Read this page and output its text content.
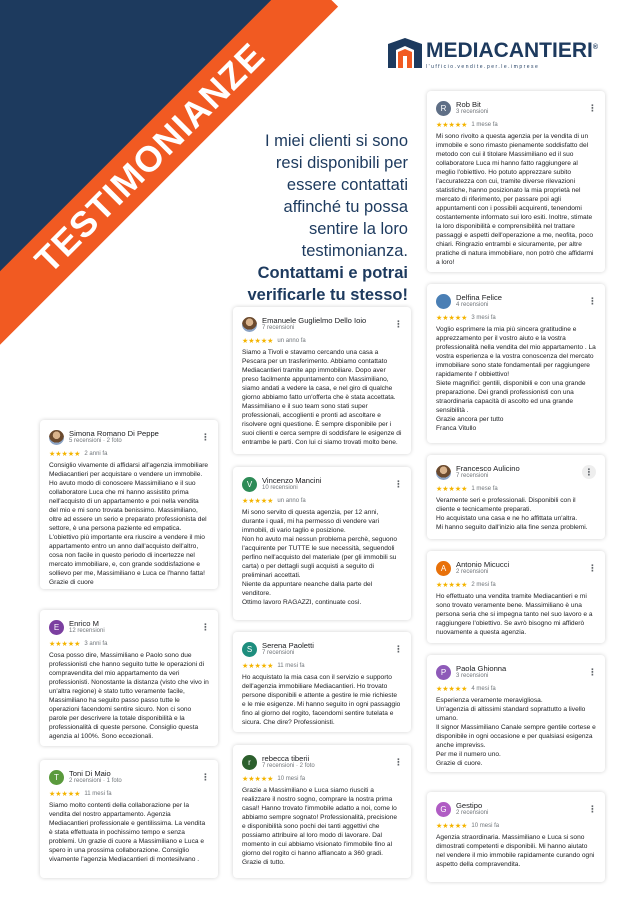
TESTIMONIANZE	MEDIACANTIERI®
l'ufficio.vendite.per.le.imprese
I miei clienti si sono resi disponibili per essere contattati affinché tu possa sentire la loro testimonianza. Contattami e potrai verificarle tu stesso!
R	Rob Bit
3 recensioni	⋮
★★★★★ 1 mese fa
Mi sono rivolto a questa agenzia per la vendita di un immobile e sono rimasto pienamente soddisfatto del metodo con cui il titolare Massimiliano ed il suo collaboratore Luca mi hanno fatto raggiungere al meglio l'obiettivo. Ho potuto apprezzare subito l'accuratezza con cui, tramite diverse rilevazioni statistiche, hanno posizionato la mia proprietà nel mercato di riferimento, per passare poi agli appuntamenti con i possibili acquirenti, tenendomi costantemente informato sui loro esiti. Inoltre, stimate la loro disponibilità e comprensibilità nel trattare passaggi e aspetti dell'operazione a me, neofita, poco chiari. Ringrazio entrambi e sicuramente, per altre pratiche di natura immobiliare, non potrò che affidarmi a loro!
Delfina Felice
4 recensioni	⋮
★★★★★ 3 mesi fa
Voglio esprimere la mia più sincera gratitudine e apprezzamento per il vostro aiuto e la vostra professionalità nella vendita del mio appartamento . La vostra esperienza e la vostra conoscenza del mercato immobiliare sono state fondamentali per raggiungere rapidamente l' obbiettivo!
Siete magnifici: gentili, disponibili e con una grande preparazione. Dei grandi professionisti con una straordinaria capacità di ascolto ed una grande sensibilità .
Grazie ancora per tutto
Franca Vitullo
Emanuele Guglielmo Dello Ioio
7 recensioni	⋮
★★★★★ un anno fa
Siamo a Tivoli e stavamo cercando una casa a Pescara per un trasferimento. Abbiamo contattato Mediacantieri tramite app immobiliare. Dopo aver preso facilmente appuntamento con Massimiliano, siamo andati a vedere la casa, e nel giro di qualche giorno abbiamo fatto un'offerta che è stata accettata. Massimiliano e il suo team sono stati super professionali, accoglienti e pronti ad ascoltare e risolvere ogni questione. È sempre disponibile per i suoi clienti e cerca sempre di soddisfare le esigenze di entrambe le parti. Con lui ci siamo trovati molto bene.
Simona Romano Di Peppe
5 recensioni · 2 foto	⋮
★★★★★ 2 anni fa
Consiglio vivamente di affidarsi all'agenzia immobiliare Mediacantieri per acquistare o vendere un immobile. Ho avuto modo di conoscere Massimiliano e il suo collaboratore Luca che mi hanno assistito prima nell'acquisto di un appartamento e poi nella vendita del mio e mi sono trovata benissimo. Massimiliano, oltre ad essere un serio e preparato professionista del settore, è una persona paziente ed empatica.
L'obiettivo più importante era riuscire a vendere il mio appartamento entro un anno dall'acquisto dell'altro, cosa non facile in questo periodo di incertezze nel mercato immobiliare, e, con grande soddisfazione e sollievo per me, Massimiliano e Luca ce l'hanno fatta!
Grazie di cuore
V	Vincenzo Mancini
10 recensioni	⋮
★★★★★ un anno fa
Mi sono servito di questa agenzia, per 12 anni, durante i quali, mi ha permesso di vendere vari immobili, di vario taglio e posizione.
Non ho avuto mai nessun problema perchè, seguono l'acquirente per TUTTE le sue necessità, seguendoli perfino nell'acquisto del materiale (per gli immobili su carta) o per dettagli sugli acquisti a seguito di preliminari accettati.
Niente da appuntare neanche dalla parte del venditore.
Ottimo lavoro RAGAZZI, continuate così.
Francesco Aulicino
7 recensioni	⋮
★★★★★ 1 mese fa
Veramente seri e professionali. Disponibili con il cliente e tecnicamente preparati.
Ho acquistato una casa e ne ho affittata un'altra.
Mi hanno seguito dall'inizio alla fine senza problemi.
A	Antonio Micucci
2 recensioni	⋮
★★★★★ 2 mesi fa
Ho effettuato una vendita tramite Mediacantieri e mi sono trovato veramente bene. Massimiliano è una persona seria che si impegna tanto nel suo lavoro e a raggiungere l'obiettivo. Se avrò bisogno mi affiderò nuovamente a questa agenzia.
E	Enrico M
12 recensioni	⋮
★★★★★ 3 anni fa
Cosa posso dire, Massimiliano e Paolo sono due professionisti che hanno seguito tutte le operazioni di compravendita del mio appartamento da veri professionisti. Nonostante la distanza (visto che vivo in un'altra regione) è stato tutto veramente facile, Massimiliano ha seguito passo passo tutte le operazioni facendomi sentire sicuro. Non ci sono parole per descrivere la totale disponibilità e la professionalità di queste persone. Consiglio questa agenzia al 100%. Sono eccezionali.
S	Serena Paoletti
7 recensioni	⋮
★★★★★ 11 mesi fa
Ho acquistato la mia casa con il servizio e supporto dell'agenzia immobiliare Mediacantieri. Ho trovato persone disponibili e attente a gestire le mie richieste e le mie esigenze. Mi hanno seguito in ogni passaggio fino al giorno del rogito, facendomi sentire tutelata e sicura. Che dire? Professionisti.
P	Paola Ghionna
3 recensioni	⋮
★★★★★ 4 mesi fa
Esperienza veramente meravigliosa.
Un'agenzia di altissimi standard soprattutto a livello umano.
Il signor Massimiliano Canale sempre gentile cortese e disponibile in ogni occasione e per qualsiasi esigenza anche impreviss.
Per me il numero uno.
Grazie di cuore.
T	Toni Di Maio
2 recensioni · 1 foto	⋮
★★★★★ 11 mesi fa
Siamo molto contenti della collaborazione per la vendita del nostro appartamento. Agenzia Mediacantieri professionale e gentilissima. La vendita è stata effettuata in pochissimo tempo e senza problemi. Un grazie di cuore a Massimiliano e Luca e spero in una prossima collaborazione. Consiglio vivamente l'agenzia Mediacantieri di montesilvano .
r	rebecca tiberii
7 recensioni · 2 foto	⋮
★★★★★ 10 mesi fa
Grazie a Massimiliano e Luca siamo riusciti a realizzare il nostro sogno, comprare la nostra prima casa!! Hanno trovato l'immobile adatto a noi, come lo abbiamo sempre sognato! Professionalità, precisione e disponibilità sono pochi dei tanti aggettivi che possiamo attribuire al loro modo di lavorare. Dal momento in cui abbiamo visionato l'immobile fino al giorno del rogito ci hanno affiancato a 360 gradi. Grazie di tutto.
G	Gestipo
2 recensioni	⋮
★★★★★ 10 mesi fa
Agenzia straordinaria. Massimiliano e Luca si sono dimostrati competenti e disponibili. Mi hanno aiutato nel vendere il mio immobile rapidamente curando ogni aspetto della compravendita.
